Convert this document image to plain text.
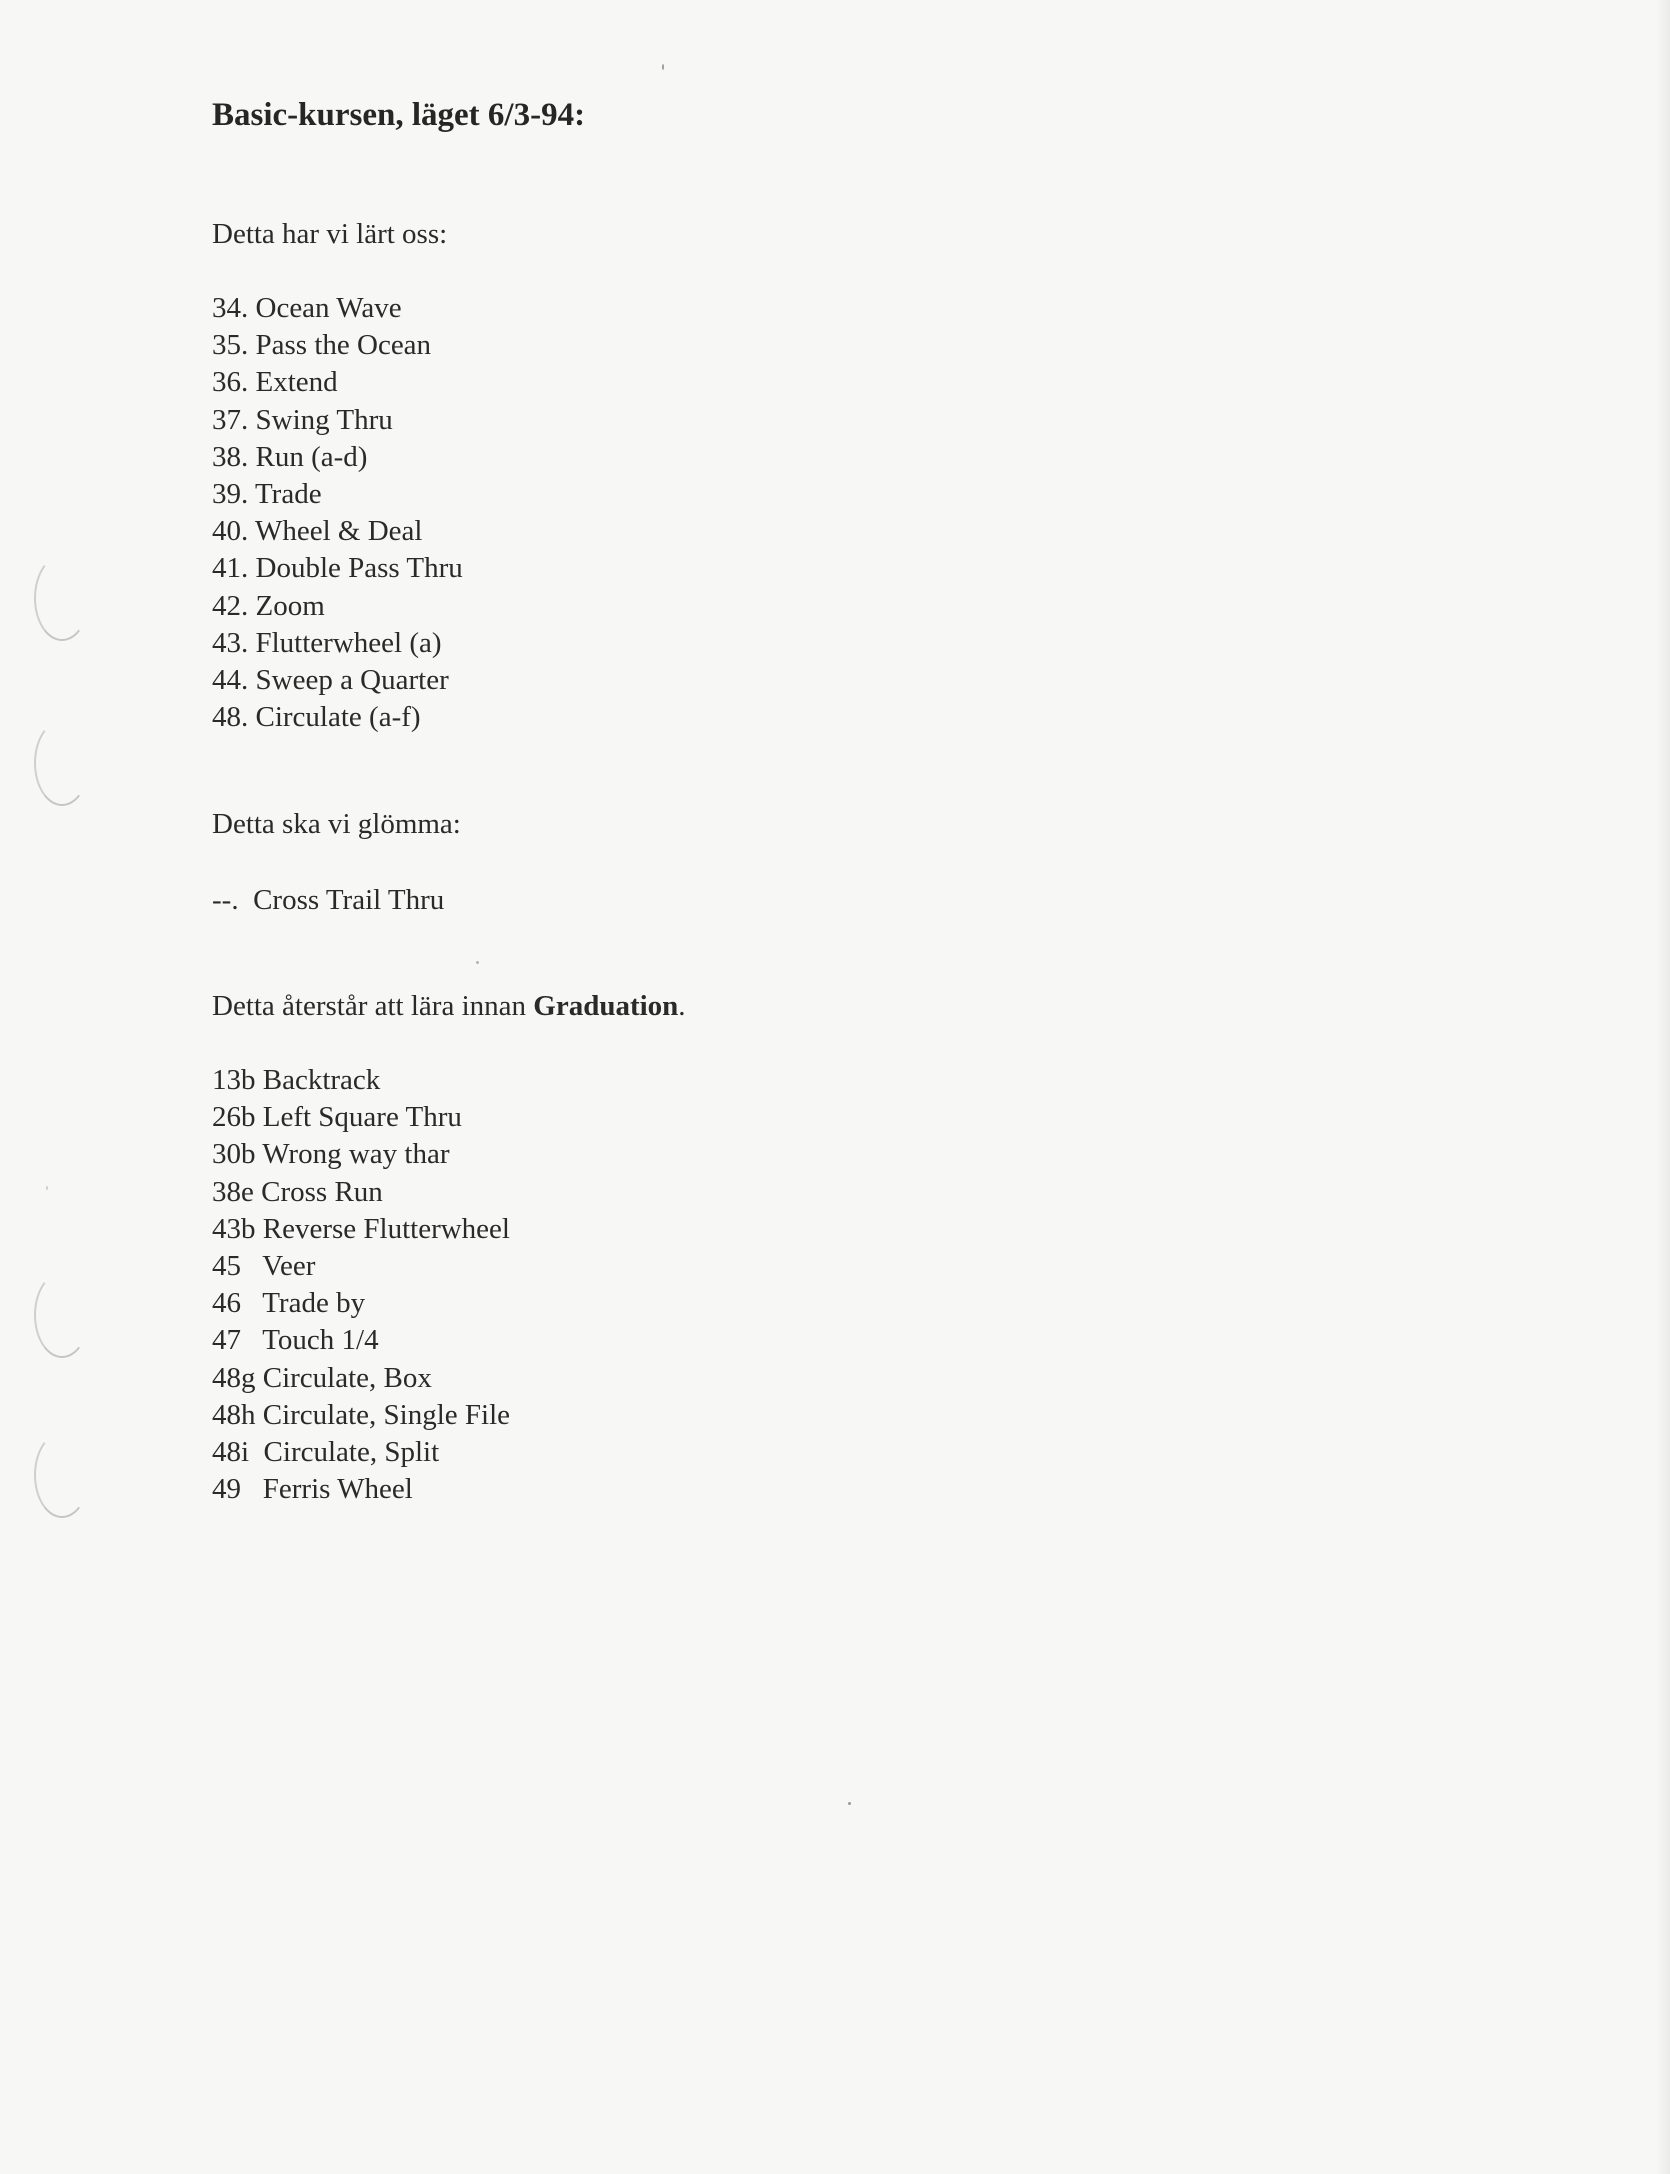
Basic-kursen, läget 6/3-94:
Detta har vi lärt oss:
34. Ocean Wave
35. Pass the Ocean
36. Extend
37. Swing Thru
38. Run (a-d)
39. Trade
40. Wheel & Deal
41. Double Pass Thru
42. Zoom
43. Flutterwheel (a)
44. Sweep a Quarter
48. Circulate (a-f)
Detta ska vi glömma:
--.  Cross Trail Thru
Detta återstår att lära innan Graduation.
13b Backtrack
26b Left Square Thru
30b Wrong way thar
38e Cross Run
43b Reverse Flutterwheel
45   Veer
46   Trade by
47   Touch 1/4
48g Circulate, Box
48h Circulate, Single File
48i  Circulate, Split
49   Ferris Wheel
